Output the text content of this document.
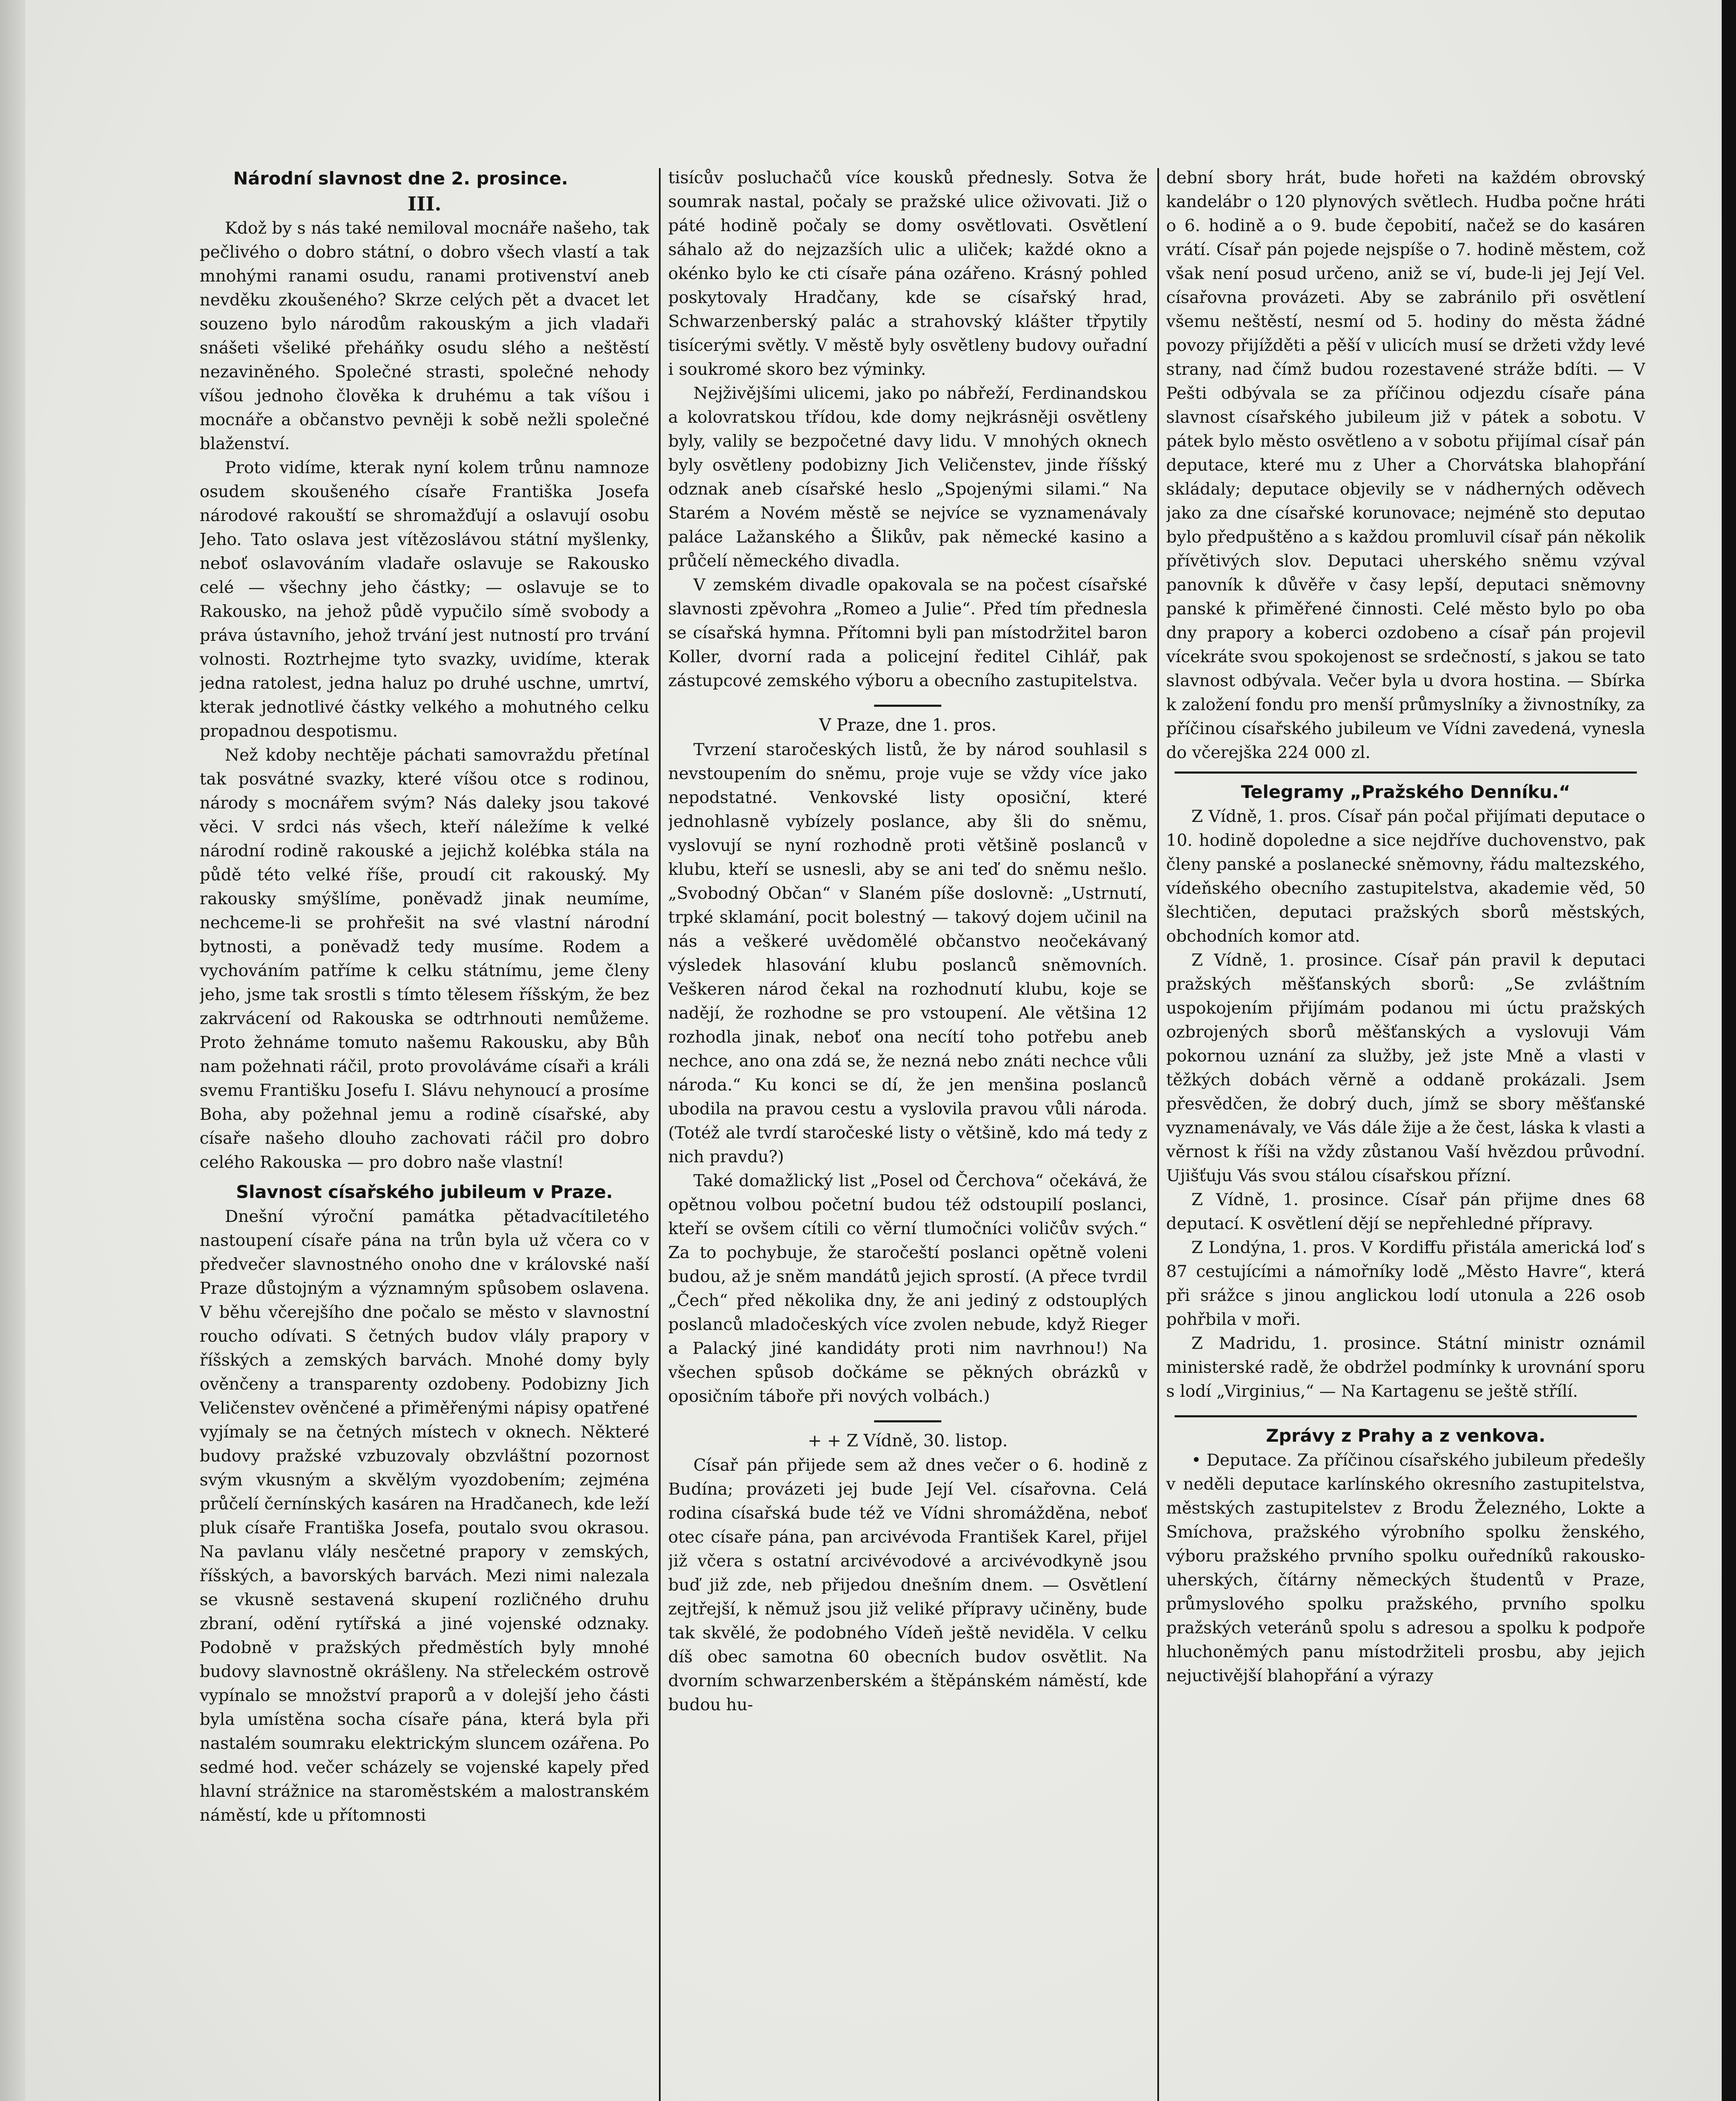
Národní slavnost dne 2. prosince.

III.

Kdož by s nás také nemiloval mocnáře našeho, tak pečlivého o dobro státní, o dobro všech vlastí a tak mnohými ranami osudu, ranami protivenství aneb nevděku zkoušeného? Skrze celých pět a dvacet let souzeno bylo národům rakouským a jich vladaři snášeti všeliké přeháňky osudu slého a neštěstí nezaviněného. Společné strasti, společné nehody víšou jednoho člověka k druhému a tak víšou i mocnáře a občanstvo pevněji k sobě nežli společné blaženství.

Proto vidíme, kterak nyní kolem trůnu namnoze osudem skoušeného císaře Františka Josefa národové rakouští se shromažďují a oslavují osobu Jeho. Tato oslava jest vítězoslávou státní myšlenky, neboť oslavováním vladaře oslavuje se Rakousko celé — všechny jeho částky; — oslavuje se to Rakousko, na jehož půdě vypučilo símě svobody a práva ústavního, jehož trvání jest nutností pro trvání volnosti. Roztrhejme tyto svazky, uvidíme, kterak jedna ratolest, jedna haluz po druhé uschne, umrtví, kterak jednotlivé částky velkého a mohutného celku propadnou despotismu.

Než kdoby nechtěje páchati samovraždu přetínal tak posvátné svazky, které víšou otce s rodinou, národy s mocnářem svým? Nás daleky jsou takové věci. V srdci nás všech, kteří náležíme k velké národní rodině rakouské a jejichž kolébka stála na půdě této velké říše, proudí cit rakouský. My rakousky smýšlíme, poněvadž jinak neumíme, nechceme-li se prohřešit na své vlastní národní bytnosti, a poněvadž tedy musíme. Rodem a vychováním patříme k celku státnímu, jeme členy jeho, jsme tak srostli s tímto tělesem říšským, že bez zakrvácení od Rakouska se odtrhnouti nemůžeme. Proto žehnáme tomuto našemu Rakousku, aby Bůh nam požehnati ráčil, proto provoláváme císaři a králi svemu Františku Josefu I. Slávu nehynoucí a prosíme Boha, aby požehnal jemu a rodině císařské, aby císaře našeho dlouho zachovati ráčil pro dobro celého Rakouska — pro dobro naše vlastní!

Slavnost císařského jubileum v Praze.

Dnešní výroční památka pětadvacítiletého nastoupení císaře pána na trůn byla už včera co v předvečer slavnostného onoho dne v královské naší Praze důstojným a významným spůsobem oslavena. V běhu včerejšího dne počalo se město v slavnostní roucho odívati. S četných budov vlály prapory v říšských a zemských barvách. Mnohé domy byly ověnčeny a transparenty ozdobeny. Podobizny Jich Veličenstev ověnčené a přiměřenými nápisy opatřené vyjímaly se na četných místech v oknech. Některé budovy pražské vzbuzovaly obzvláštní pozornost svým vkusným a skvělým vyozdobením; zejména průčelí černínských kasáren na Hradčanech, kde leží pluk císaře Františka Josefa, poutalo svou okrasou. Na pavlanu vlály nesčetné prapory v zemských, říšských, a bavorských barvách. Mezi nimi nalezala se vkusně sestavená skupení rozličného druhu zbraní, odění rytířská a jiné vojenské odznaky. Podobně v pražských předměstích byly mnohé budovy slavnostně okrášleny. Na střeleckém ostrově vypínalo se množství praporů a v dolejší jeho části byla umístěna socha císaře pána, která byla při nastalém soumraku elektrickým sluncem ozářena. Po sedmé hod. večer scházely se vojenské kapely před hlavní strážnice na staroměstském a malostranském náměstí, kde u přítomnosti

tisícův posluchačů více kousků přednesly. Sotva že soumrak nastal, počaly se pražské ulice oživovati. Již o páté hodině počaly se domy osvětlovati. Osvětlení sáhalo až do nejzazších ulic a uliček; každé okno a okénko bylo ke cti císaře pána ozářeno. Krásný pohled poskytovaly Hradčany, kde se císařský hrad, Schwarzenberský palác a strahovský klášter třpytily tisícerými světly. V městě byly osvětleny budovy ouřadní i soukromé skoro bez výminky.

Nejživějšími ulicemi, jako po nábřeží, Ferdinandskou a kolovratskou třídou, kde domy nejkrásněji osvětleny byly, valily se bezpočetné davy lidu. V mnohých oknech byly osvětleny podobizny Jich Veličenstev, jinde říšský odznak aneb císařské heslo „Spojenými silami.“ Na Starém a Novém městě se nejvíce se vyznamenávaly paláce Lažanského a Šlikův, pak německé kasino a průčelí německého divadla.

V zemském divadle opakovala se na počest císařské slavnosti zpěvohra „Romeo a Julie“. Před tím přednesla se císařská hymna. Přítomni byli pan místodržitel baron Koller, dvorní rada a policejní ředitel Cihlář, pak zástupcové zemského výboru a obecního zastupitelstva.

V Praze, dne 1. pros.

Tvrzení staročeských listů, že by národ souhlasil s nevstoupením do sněmu, proje vuje se vždy více jako nepodstatné. Venkovské listy oposiční, které jednohlasně vybízely poslance, aby šli do sněmu, vyslovují se nyní rozhodně proti většině poslanců v klubu, kteří se usnesli, aby se ani teď do sněmu nešlo. „Svobodný Občan“ v Slaném píše doslovně: „Ustrnutí, trpké sklamání, pocit bolestný — takový dojem učinil na nás a veškeré uvědomělé občanstvo neočekávaný výsledek hlasování klubu poslanců sněmovních. Veškeren národ čekal na rozhodnutí klubu, koje se nadějí, že rozhodne se pro vstoupení. Ale většina 12 rozhodla jinak, neboť ona necítí toho potřebu aneb nechce, ano ona zdá se, že nezná nebo znáti nechce vůli národa.“ Ku konci se dí, že jen menšina poslanců ubodila na pravou cestu a vyslovila pravou vůli národa. (Totéž ale tvrdí staročeské listy o většině, kdo má tedy z nich pravdu?)

Také domažlický list „Posel od Čerchova“ očekává, že opětnou volbou početní budou též odstoupilí poslanci, kteří se ovšem cítili co věrní tlumočníci voličův svých.“ Za to pochybuje, že staročeští poslanci opětně voleni budou, až je sněm mandátů jejich sprostí. (A přece tvrdil „Čech“ před několika dny, že ani jediný z odstouplých poslanců mladočeských více zvolen nebude, když Rieger a Palacký jiné kandidáty proti nim navrhnou!) Na všechen spůsob dočkáme se pěkných obrázků v oposičním táboře při nových volbách.)

+ + Z Vídně, 30. listop.

Císař pán přijede sem až dnes večer o 6. hodině z Budína; provázeti jej bude Její Vel. císařovna. Celá rodina císařská bude též ve Vídni shromážděna, neboť otec císaře pána, pan arcivévoda František Karel, přijel již včera s ostatní arcivévodové a arcivévodkyně jsou buď již zde, neb přijedou dnešním dnem. — Osvětlení zejtřejší, k němuž jsou již veliké přípravy učiněny, bude tak skvělé, že podobného Vídeň ještě neviděla. V celku díš obec samotna 60 obecních budov osvětlit. Na dvorním schwarzenberském a štěpánském náměstí, kde budou hu-

dební sbory hrát, bude hořeti na každém obrovský kandelábr o 120 plynových světlech. Hudba počne hráti o 6. hodině a o 9. bude čepobití, načež se do kasáren vrátí. Císař pán pojede nejspíše o 7. hodině městem, což však není posud určeno, aniž se ví, bude-li jej Její Vel. císařovna provázeti. Aby se zabránilo při osvětlení všemu neštěstí, nesmí od 5. hodiny do města žádné povozy přijížděti a pěší v ulicích musí se držeti vždy levé strany, nad čímž budou rozestavené stráže bdíti. — V Pešti odbývala se za příčinou odjezdu císaře pána slavnost císařského jubileum již v pátek a sobotu. V pátek bylo město osvětleno a v sobotu přijímal císař pán deputace, které mu z Uher a Chorvátska blahopřání skládaly; deputace objevily se v nádherných oděvech jako za dne císařské korunovace; nejméně sto deputao bylo předpuštěno a s každou promluvil císař pán několik přívětivých slov. Deputaci uherského sněmu vzýval panovník k důvěře v časy lepší, deputaci sněmovny panské k přiměřené činnosti. Celé město bylo po oba dny prapory a koberci ozdobeno a císař pán projevil vícekráte svou spokojenost se srdečností, s jakou se tato slavnost odbývala. Večer byla u dvora hostina. — Sbírka k založení fondu pro menší průmyslníky a živnostníky, za příčinou císařského jubileum ve Vídni zavedená, vynesla do včerejška 224 000 zl.

Telegramy „Pražského Denníku.“

Z Vídně, 1. pros. Císař pán počal přijímati deputace o 10. hodině dopoledne a sice nejdříve duchovenstvo, pak členy panské a poslanecké sněmovny, řádu maltezského, vídeňského obecního zastupitelstva, akademie věd, 50 šlechtičen, deputaci pražských sborů městských, obchodních komor atd.

Z Vídně, 1. prosince. Císař pán pravil k deputaci pražských měšťanských sborů: „Se zvláštním uspokojením přijímám podanou mi úctu pražských ozbrojených sborů měšťanských a vyslovuji Vám pokornou uznání za služby, jež jste Mně a vlasti v těžkých dobách věrně a oddaně prokázali. Jsem přesvědčen, že dobrý duch, jímž se sbory měšťanské vyznamenávaly, ve Vás dále žije a že čest, láska k vlasti a věrnost k říši na vždy zůstanou Vaší hvězdou průvodní. Ujišťuju Vás svou stálou císařskou přízní.

Z Vídně, 1. prosince. Císař pán přijme dnes 68 deputací. K osvětlení dějí se nepřehledné přípravy.

Z Londýna, 1. pros. V Kordiffu přistála americká loď s 87 cestujícími a námořníky lodě „Město Havre“, která při srážce s jinou anglickou lodí utonula a 226 osob pohřbila v moři.

Z Madridu, 1. prosince. Státní ministr oznámil ministerské radě, že obdržel podmínky k urovnání sporu s lodí „Virginius,“ — Na Kartagenu se ještě střílí.

Zprávy z Prahy a z venkova.

• Deputace. Za příčinou císařského jubileum předešly v neděli deputace karlínského okresního zastupitelstva, městských zastupitelstev z Brodu Železného, Lokte a Smíchova, pražského výrobního spolku ženského, výboru pražského prvního spolku ouředníků rakousko-uherských, čítárny německých študentů v Praze, průmyslového spolku pražského, prvního spolku pražských veteránů spolu s adresou a spolku k podpoře hluchoněmých panu místodržiteli prosbu, aby jejich nejuctivější blahopřání a výrazy
